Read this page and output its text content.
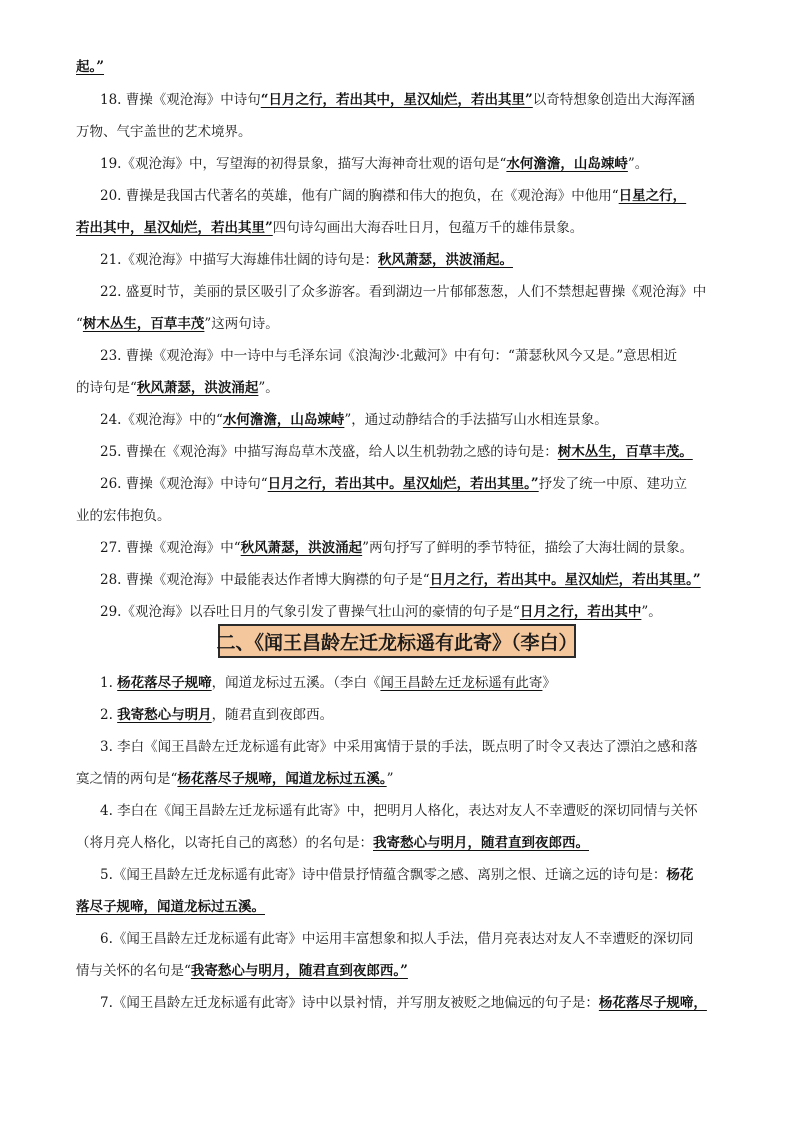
起。”
18. 曹操《观沧海》中诗句“日月之行，若出其中，星汉灿烂，若出其里”以奇特想象创造出大海浑涵
万物、气宇盖世的艺术境界。
19.《观沧海》中，写望海的初得景象，描写大海神奇壮观的语句是“水何澹澹，山岛竦峙”。
20. 曹操是我国古代著名的英雄，他有广阔的胸襟和伟大的抱负，在《观沧海》中他用“日星之行，
若出其中，星汉灿烂，若出其里”四句诗勾画出大海吞吐日月，包蕴万千的雄伟景象。
21.《观沧海》中描写大海雄伟壮阔的诗句是：秋风萧瑟，洪波涌起。
22. 盛夏时节，美丽的景区吸引了众多游客。看到湖边一片郁郁葱葱，人们不禁想起曹操《观沧海》中
“树木丛生，百草丰茂”这两句诗。
23. 曹操《观沧海》中一诗中与毛泽东词《浪淘沙·北戴河》中有句：“萧瑟秋风今又是。”意思相近
的诗句是“秋风萧瑟，洪波涌起”。
24.《观沧海》中的“水何澹澹，山岛竦峙”，通过动静结合的手法描写山水相连景象。
25. 曹操在《观沧海》中描写海岛草木茂盛，给人以生机勃勃之感的诗句是：树木丛生，百草丰茂。
26. 曹操《观沧海》中诗句“日月之行，若出其中。星汉灿烂，若出其里。”抒发了统一中原、建功立
业的宏伟抱负。
27. 曹操《观沧海》中“秋风萧瑟，洪波涌起”两句抒写了鲜明的季节特征，描绘了大海壮阔的景象。
28. 曹操《观沧海》中最能表达作者博大胸襟的句子是“日月之行，若出其中。星汉灿烂，若出其里。”
29.《观沧海》以吞吐日月的气象引发了曹操气壮山河的豪情的句子是“日月之行，若出其中”。
二、《闻王昌龄左迁龙标遥有此寄》（李白）
1. 杨花落尽子规啼，闻道龙标过五溪。（李白《闻王昌龄左迁龙标遥有此寄》
2. 我寄愁心与明月，随君直到夜郎西。
3. 李白《闻王昌龄左迁龙标遥有此寄》中采用寓情于景的手法，既点明了时令又表达了漂泊之感和落
寞之情的两句是“杨花落尽子规啼，闻道龙标过五溪。”
4. 李白在《闻王昌龄左迁龙标遥有此寄》中，把明月人格化，表达对友人不幸遭贬的深切同情与关怀
（将月亮人格化，以寄托自己的离愁）的名句是：我寄愁心与明月，随君直到夜郎西。
5.《闻王昌龄左迁龙标遥有此寄》诗中借景抒情蕴含飘零之感、离别之恨、迁谪之远的诗句是：杨花
落尽子规啼，闻道龙标过五溪。
6.《闻王昌龄左迁龙标遥有此寄》中运用丰富想象和拟人手法，借月亮表达对友人不幸遭贬的深切同
情与关怀的名句是“我寄愁心与明月，随君直到夜郎西。”
7.《闻王昌龄左迁龙标遥有此寄》诗中以景衬情，并写朋友被贬之地偏远的句子是：杨花落尽子规啼，
